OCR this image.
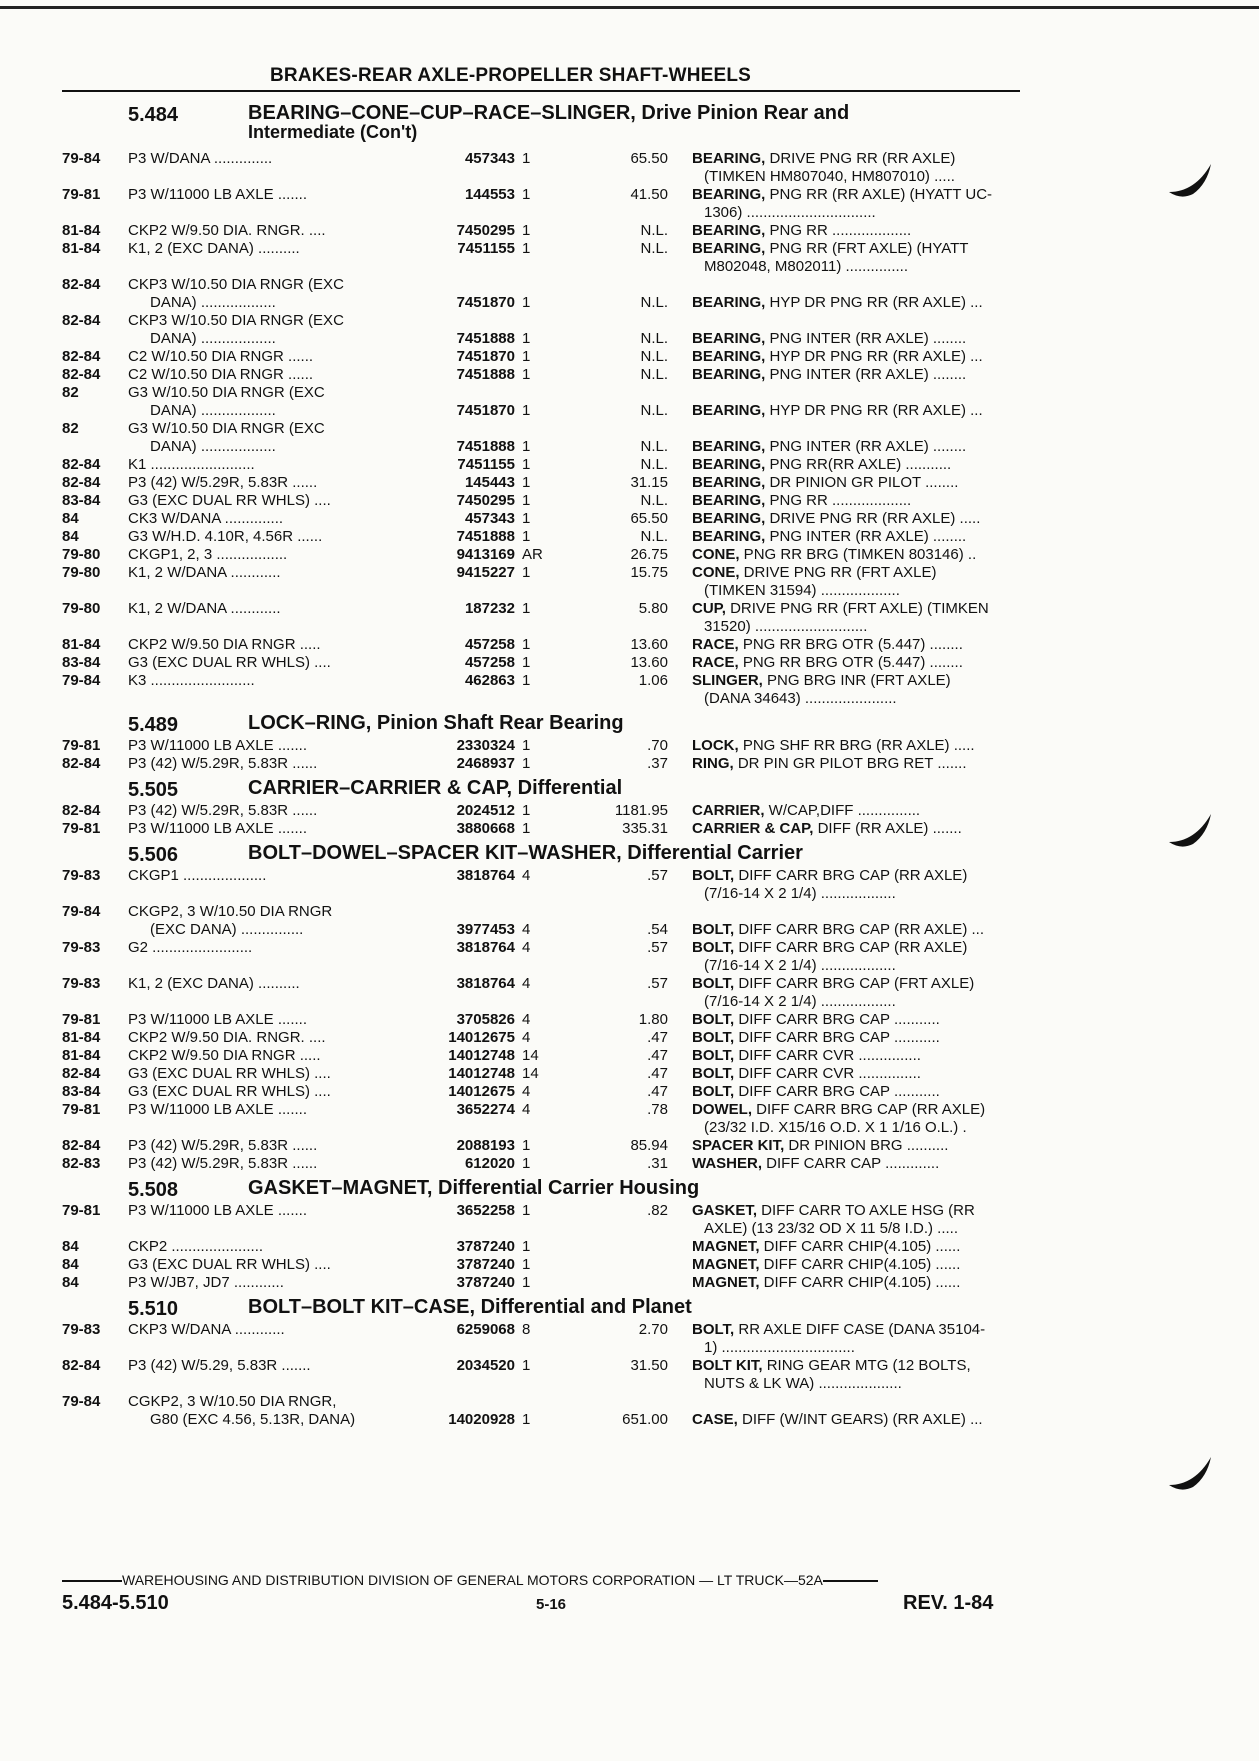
BRAKES-REAR AXLE-PROPELLER SHAFT-WHEELS
5.484	BEARING–CONE–CUP–RACE–SLINGER, Drive Pinion Rear and
Intermediate (Con't)
79-84	P3 W/DANA ..............	457343 1	65.50 BEARING, DRIVE PNG RR (RR AXLE)
(TIMKEN HM807040, HM807010) .....
79-81	P3 W/11000 LB AXLE .......	144553 1	41.50 BEARING, PNG RR (RR AXLE) (HYATT UC-
1306) ...............................
81-84	CKP2 W/9.50 DIA. RNGR. ....	7450295 1	N.L. BEARING, PNG RR ...................
81-84	K1, 2 (EXC DANA) ..........	7451155 1	N.L. BEARING, PNG RR (FRT AXLE) (HYATT
M802048, M802011) ...............
82-84	CKP3 W/10.50 DIA RNGR (EXC
DANA) ..................	7451870 1	N.L. BEARING, HYP DR PNG RR (RR AXLE) ...
82-84	CKP3 W/10.50 DIA RNGR (EXC
DANA) ..................	7451888 1	N.L. BEARING, PNG INTER (RR AXLE) ........
82-84	C2 W/10.50 DIA RNGR ......	7451870 1	N.L. BEARING, HYP DR PNG RR (RR AXLE) ...
82-84	C2 W/10.50 DIA RNGR ......	7451888 1	N.L. BEARING, PNG INTER (RR AXLE) ........
82	G3 W/10.50 DIA RNGR (EXC
DANA) ..................	7451870 1	N.L. BEARING, HYP DR PNG RR (RR AXLE) ...
82	G3 W/10.50 DIA RNGR (EXC
DANA) ..................	7451888 1	N.L. BEARING, PNG INTER (RR AXLE) ........
82-84	K1 .........................	7451155 1	N.L. BEARING, PNG RR(RR AXLE) ...........
82-84	P3 (42) W/5.29R, 5.83R ......	145443 1	31.15 BEARING, DR PINION GR PILOT ........
83-84	G3 (EXC DUAL RR WHLS) ....	7450295 1	N.L. BEARING, PNG RR ...................
84	CK3 W/DANA ..............	457343 1	65.50 BEARING, DRIVE PNG RR (RR AXLE) .....
84	G3 W/H.D. 4.10R, 4.56R ......	7451888 1	N.L. BEARING, PNG INTER (RR AXLE) ........
79-80	CKGP1, 2, 3 .................	9413169 AR	26.75 CONE, PNG RR BRG (TIMKEN 803146) ..
79-80	K1, 2 W/DANA ............	9415227 1	15.75 CONE, DRIVE PNG RR (FRT AXLE)
(TIMKEN 31594) ...................
79-80	K1, 2 W/DANA ............	187232 1	5.80 CUP, DRIVE PNG RR (FRT AXLE) (TIMKEN
31520) ...........................
81-84	CKP2 W/9.50 DIA RNGR .....	457258 1	13.60 RACE, PNG RR BRG OTR (5.447) ........
83-84	G3 (EXC DUAL RR WHLS) ....	457258 1	13.60 RACE, PNG RR BRG OTR (5.447) ........
79-84	K3 .........................	462863 1	1.06 SLINGER, PNG BRG INR (FRT AXLE)
(DANA 34643) ......................
5.489	LOCK–RING, Pinion Shaft Rear Bearing
79-81	P3 W/11000 LB AXLE .......	2330324 1	.70 LOCK, PNG SHF RR BRG (RR AXLE) .....
82-84	P3 (42) W/5.29R, 5.83R ......	2468937 1	.37 RING, DR PIN GR PILOT BRG RET .......
5.505	CARRIER–CARRIER & CAP, Differential
82-84	P3 (42) W/5.29R, 5.83R ......	2024512 1	1181.95 CARRIER, W/CAP,DIFF ...............
79-81	P3 W/11000 LB AXLE .......	3880668 1	335.31 CARRIER & CAP, DIFF (RR AXLE) .......
5.506	BOLT–DOWEL–SPACER KIT–WASHER, Differential Carrier
79-83	CKGP1 ....................	3818764 4	.57 BOLT, DIFF CARR BRG CAP (RR AXLE)
(7/16-14 X 2 1/4) ..................
79-84	CKGP2, 3 W/10.50 DIA RNGR
(EXC DANA) ...............	3977453 4	.54 BOLT, DIFF CARR BRG CAP (RR AXLE) ...
79-83	G2 ........................	3818764 4	.57 BOLT, DIFF CARR BRG CAP (RR AXLE)
(7/16-14 X 2 1/4) ..................
79-83	K1, 2 (EXC DANA) ..........	3818764 4	.57 BOLT, DIFF CARR BRG CAP (FRT AXLE)
(7/16-14 X 2 1/4) ..................
79-81	P3 W/11000 LB AXLE .......	3705826 4	1.80 BOLT, DIFF CARR BRG CAP ...........
81-84	CKP2 W/9.50 DIA. RNGR. ....	14012675 4	.47 BOLT, DIFF CARR BRG CAP ...........
81-84	CKP2 W/9.50 DIA RNGR .....	14012748 14	.47 BOLT, DIFF CARR CVR ...............
82-84	G3 (EXC DUAL RR WHLS) ....	14012748 14	.47 BOLT, DIFF CARR CVR ...............
83-84	G3 (EXC DUAL RR WHLS) ....	14012675 4	.47 BOLT, DIFF CARR BRG CAP ...........
79-81	P3 W/11000 LB AXLE .......	3652274 4	.78 DOWEL, DIFF CARR BRG CAP (RR AXLE)
(23/32 I.D. X15/16 O.D. X 1 1/16 O.L.) .
82-84	P3 (42) W/5.29R, 5.83R ......	2088193 1	85.94 SPACER KIT, DR PINION BRG ..........
82-83	P3 (42) W/5.29R, 5.83R ......	612020 1	.31 WASHER, DIFF CARR CAP .............
5.508	GASKET–MAGNET, Differential Carrier Housing
79-81	P3 W/11000 LB AXLE .......	3652258 1	.82 GASKET, DIFF CARR TO AXLE HSG (RR
AXLE) (13 23/32 OD X 11 5/8 I.D.) .....
84	CKP2 ......................	3787240 1	MAGNET, DIFF CARR CHIP(4.105) ......
84	G3 (EXC DUAL RR WHLS) ....	3787240 1	MAGNET, DIFF CARR CHIP(4.105) ......
84	P3 W/JB7, JD7 ............	3787240 1	MAGNET, DIFF CARR CHIP(4.105) ......
5.510	BOLT–BOLT KIT–CASE, Differential and Planet
79-83	CKP3 W/DANA ............	6259068 8	2.70 BOLT, RR AXLE DIFF CASE (DANA 35104-
1) ................................
82-84	P3 (42) W/5.29, 5.83R .......	2034520 1	31.50 BOLT KIT, RING GEAR MTG (12 BOLTS,
NUTS & LK WA) ....................
79-84	CGKP2, 3 W/10.50 DIA RNGR,
G80 (EXC 4.56, 5.13R, DANA)	14020928 1	651.00 CASE, DIFF (W/INT GEARS) (RR AXLE) ...
WAREHOUSING AND DISTRIBUTION DIVISION OF GENERAL MOTORS CORPORATION — LT TRUCK—52A
5.484-5.510	5-16	REV. 1-84
